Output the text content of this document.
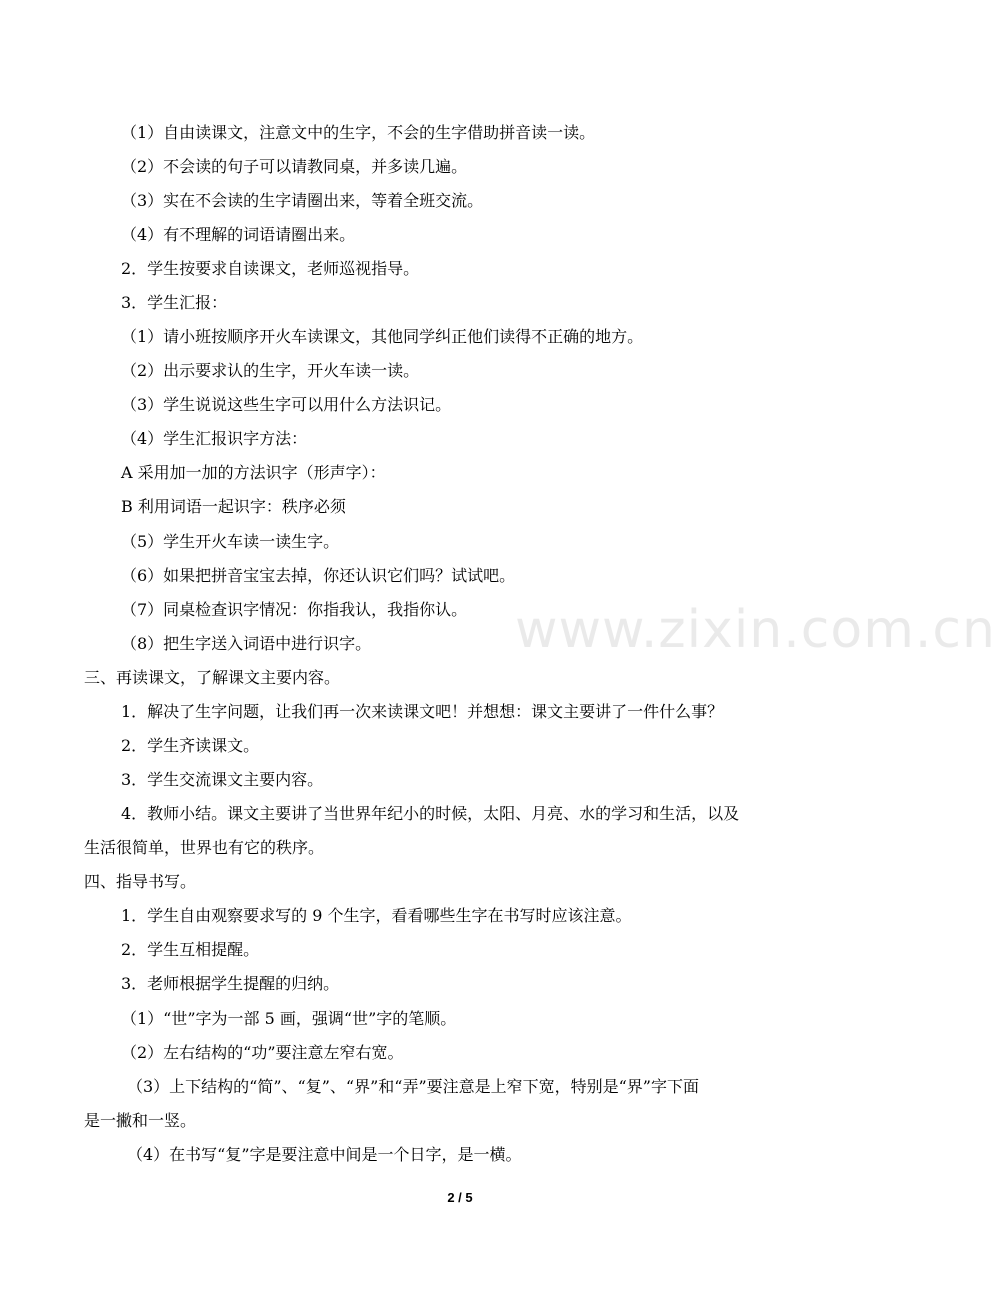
（1）自由读课文，注意文中的生字，不会的生字借助拼音读一读。
（2）不会读的句子可以请教同桌，并多读几遍。
（3）实在不会读的生字请圈出来，等着全班交流。
（4）有不理解的词语请圈出来。
2．学生按要求自读课文，老师巡视指导。
3．学生汇报：
（1）请小班按顺序开火车读课文，其他同学纠正他们读得不正确的地方。
（2）出示要求认的生字，开火车读一读。
（3）学生说说这些生字可以用什么方法识记。
（4）学生汇报识字方法：
A 采用加一加的方法识字（形声字）：
B 利用词语一起识字：秩序必须
（5）学生开火车读一读生字。
（6）如果把拼音宝宝去掉，你还认识它们吗？试试吧。
（7）同桌检查识字情况：你指我认，我指你认。
（8）把生字送入词语中进行识字。
三、再读课文，了解课文主要内容。
1．解决了生字问题，让我们再一次来读课文吧！并想想：课文主要讲了一件什么事？
2．学生齐读课文。
3．学生交流课文主要内容。
4．教师小结。课文主要讲了当世界年纪小的时候，太阳、月亮、水的学习和生活，以及
生活很简单，世界也有它的秩序。
四、指导书写。
1．学生自由观察要求写的 9 个生字，看看哪些生字在书写时应该注意。
2．学生互相提醒。
3．老师根据学生提醒的归纳。
（1）“世”字为一部 5 画，强调“世”字的笔顺。
（2）左右结构的“功”要注意左窄右宽。
（3）上下结构的“简”、“复”、“界”和“弄”要注意是上窄下宽，特别是“界”字下面
是一撇和一竖。
（4）在书写“复”字是要注意中间是一个日字，是一横。
www.zixin.com.cn
2 / 5
